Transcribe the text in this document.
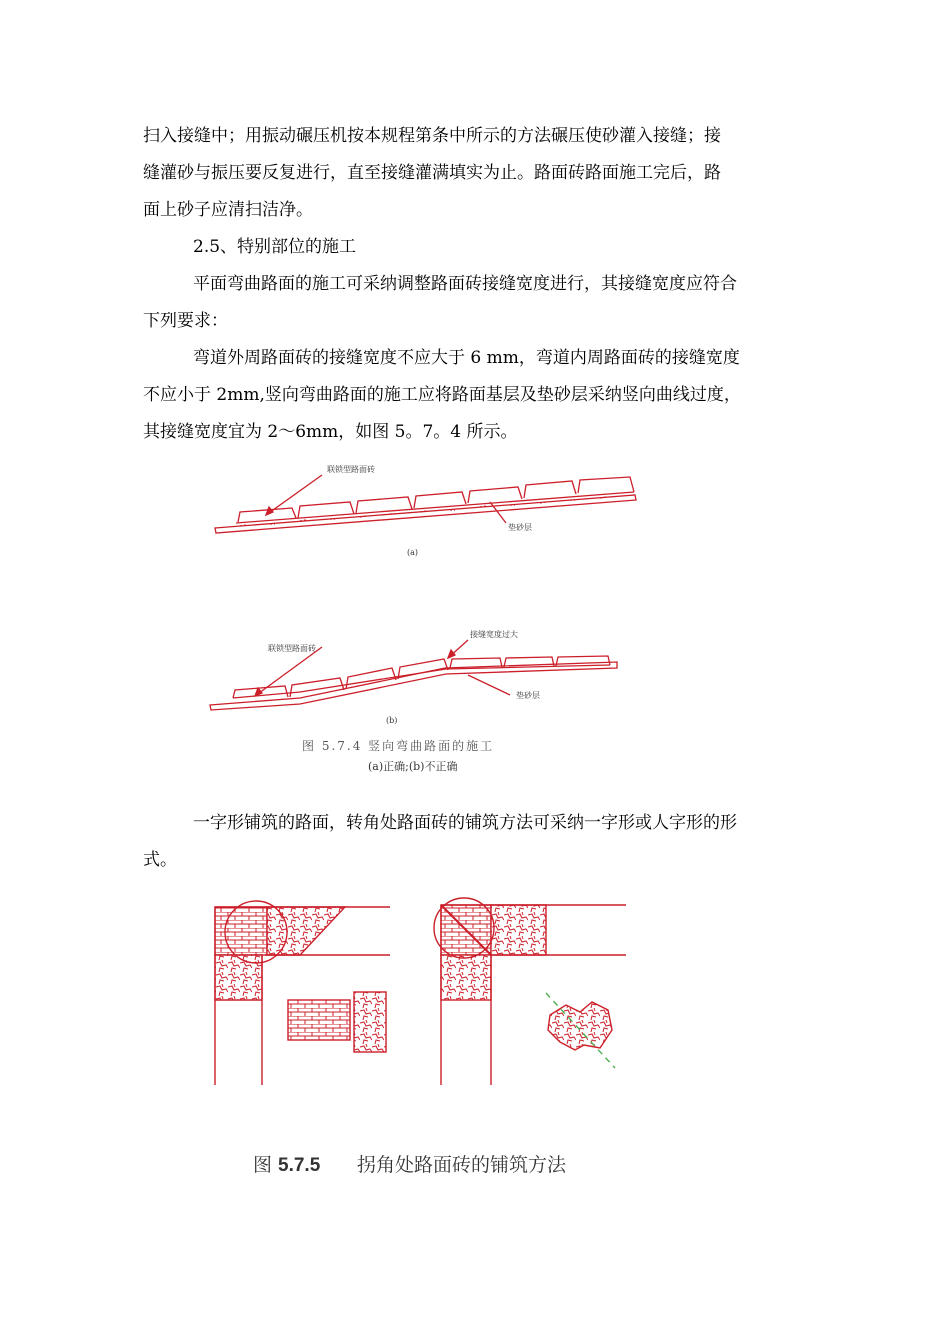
扫入接缝中；用振动碾压机按本规程第条中所示的方法碾压使砂灌入接缝；接
缝灌砂与振压要反复进行，直至接缝灌满填实为止。路面砖路面施工完后，路
面上砂子应清扫洁净。

2.5、特别部位的施工

平面弯曲路面的施工可采纳调整路面砖接缝宽度进行，其接缝宽度应符合
下列要求：

弯道外周路面砖的接缝宽度不应大于 6 mm，弯道内周路面砖的接缝宽度
不应小于 2mm,竖向弯曲路面的施工应将路面基层及垫砂层采纳竖向曲线过度，
其接缝宽度宜为 2～6mm，如图 5。7。4 所示。

联锁型路面砖
垫砂层
(a)
联锁型路面砖
接缝宽度过大
垫砂层
(b)
图 5.7.4 竖向弯曲路面的施工
(a)正确;(b)不正确

一字形铺筑的路面，转角处路面砖的铺筑方法可采纳一字形或人字形的形
式。

图 5.7.5 拐角处路面砖的铺筑方法
